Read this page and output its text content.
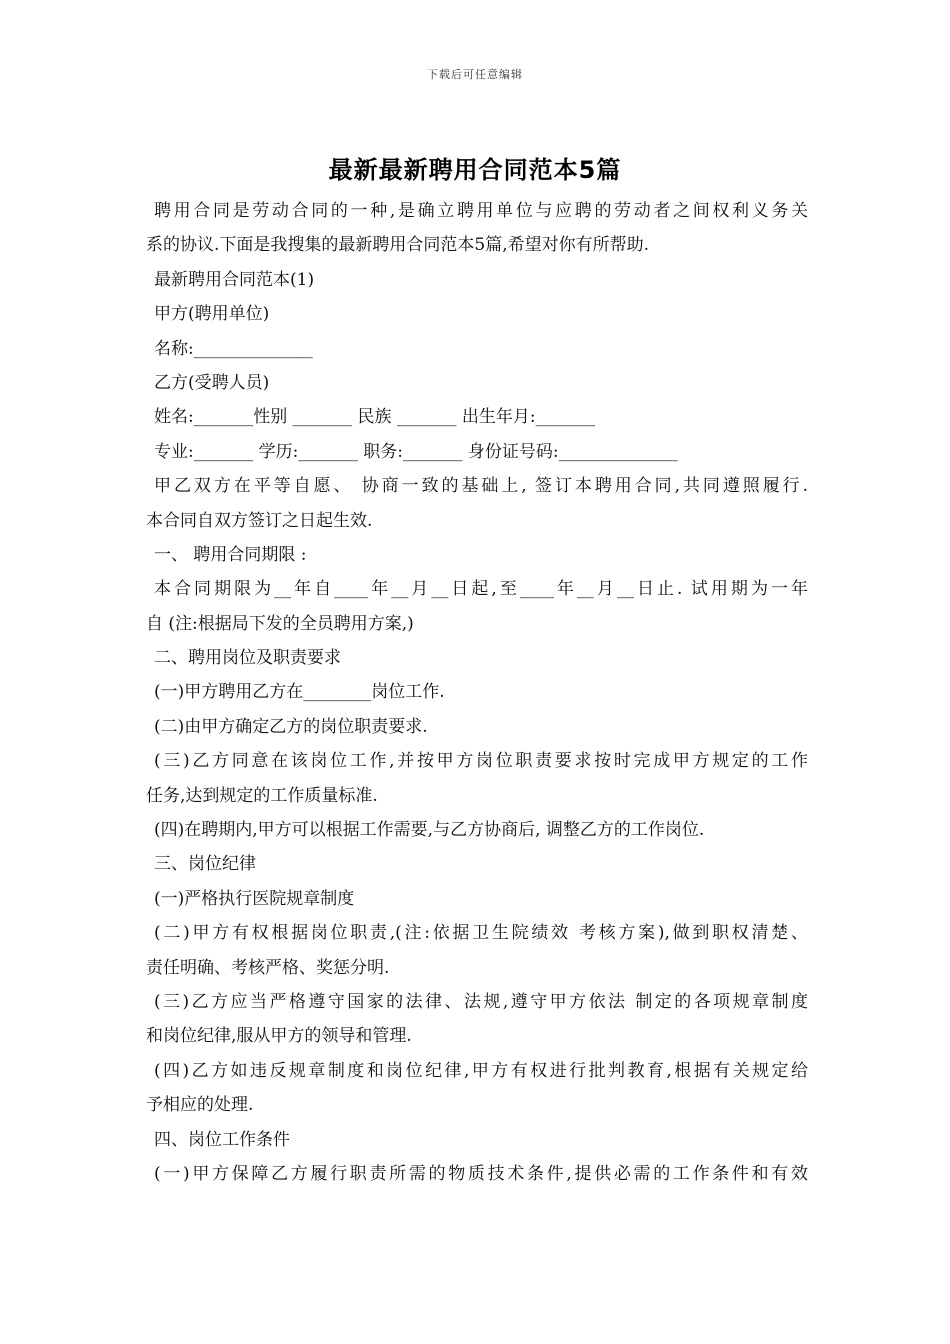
下载后可任意编辑
最新最新聘用合同范本5篇
聘用合同是劳动合同的一种,是确立聘用单位与应聘的劳动者之间权利义务关
系的协议.下面是我搜集的最新聘用合同范本5篇,希望对你有所帮助.
最新聘用合同范本(1)
甲方(聘用单位)
名称:______________
乙方(受聘人员)
姓名:_______性别 _______ 民族 _______ 出生年月:_______
专业:_______ 学历:_______ 职务:_______ 身份证号码:______________
甲乙双方在平等自愿、 协商一致的基础上, 签订本聘用合同,共同遵照履行.
本合同自双方签订之日起生效.
一、 聘用合同期限 :
本合同期限为__年自____年__月__日起,至____年__月__日止. 试用期为一年
自 (注:根据局下发的全员聘用方案,)
二、聘用岗位及职责要求
(一)甲方聘用乙方在________岗位工作.
(二)由甲方确定乙方的岗位职责要求.
(三)乙方同意在该岗位工作,并按甲方岗位职责要求按时完成甲方规定的工作
任务,达到规定的工作质量标准.
(四)在聘期内,甲方可以根据工作需要,与乙方协商后, 调整乙方的工作岗位.
三、岗位纪律
(一)严格执行医院规章制度
(二)甲方有权根据岗位职责,(注:依据卫生院绩效 考核方案),做到职权清楚、
责任明确、考核严格、奖惩分明.
(三)乙方应当严格遵守国家的法律、法规,遵守甲方依法 制定的各项规章制度
和岗位纪律,服从甲方的领导和管理.
(四)乙方如违反规章制度和岗位纪律,甲方有权进行批判教育,根据有关规定给
予相应的处理.
四、岗位工作条件
(一)甲方保障乙方履行职责所需的物质技术条件,提供必需的工作条件和有效
